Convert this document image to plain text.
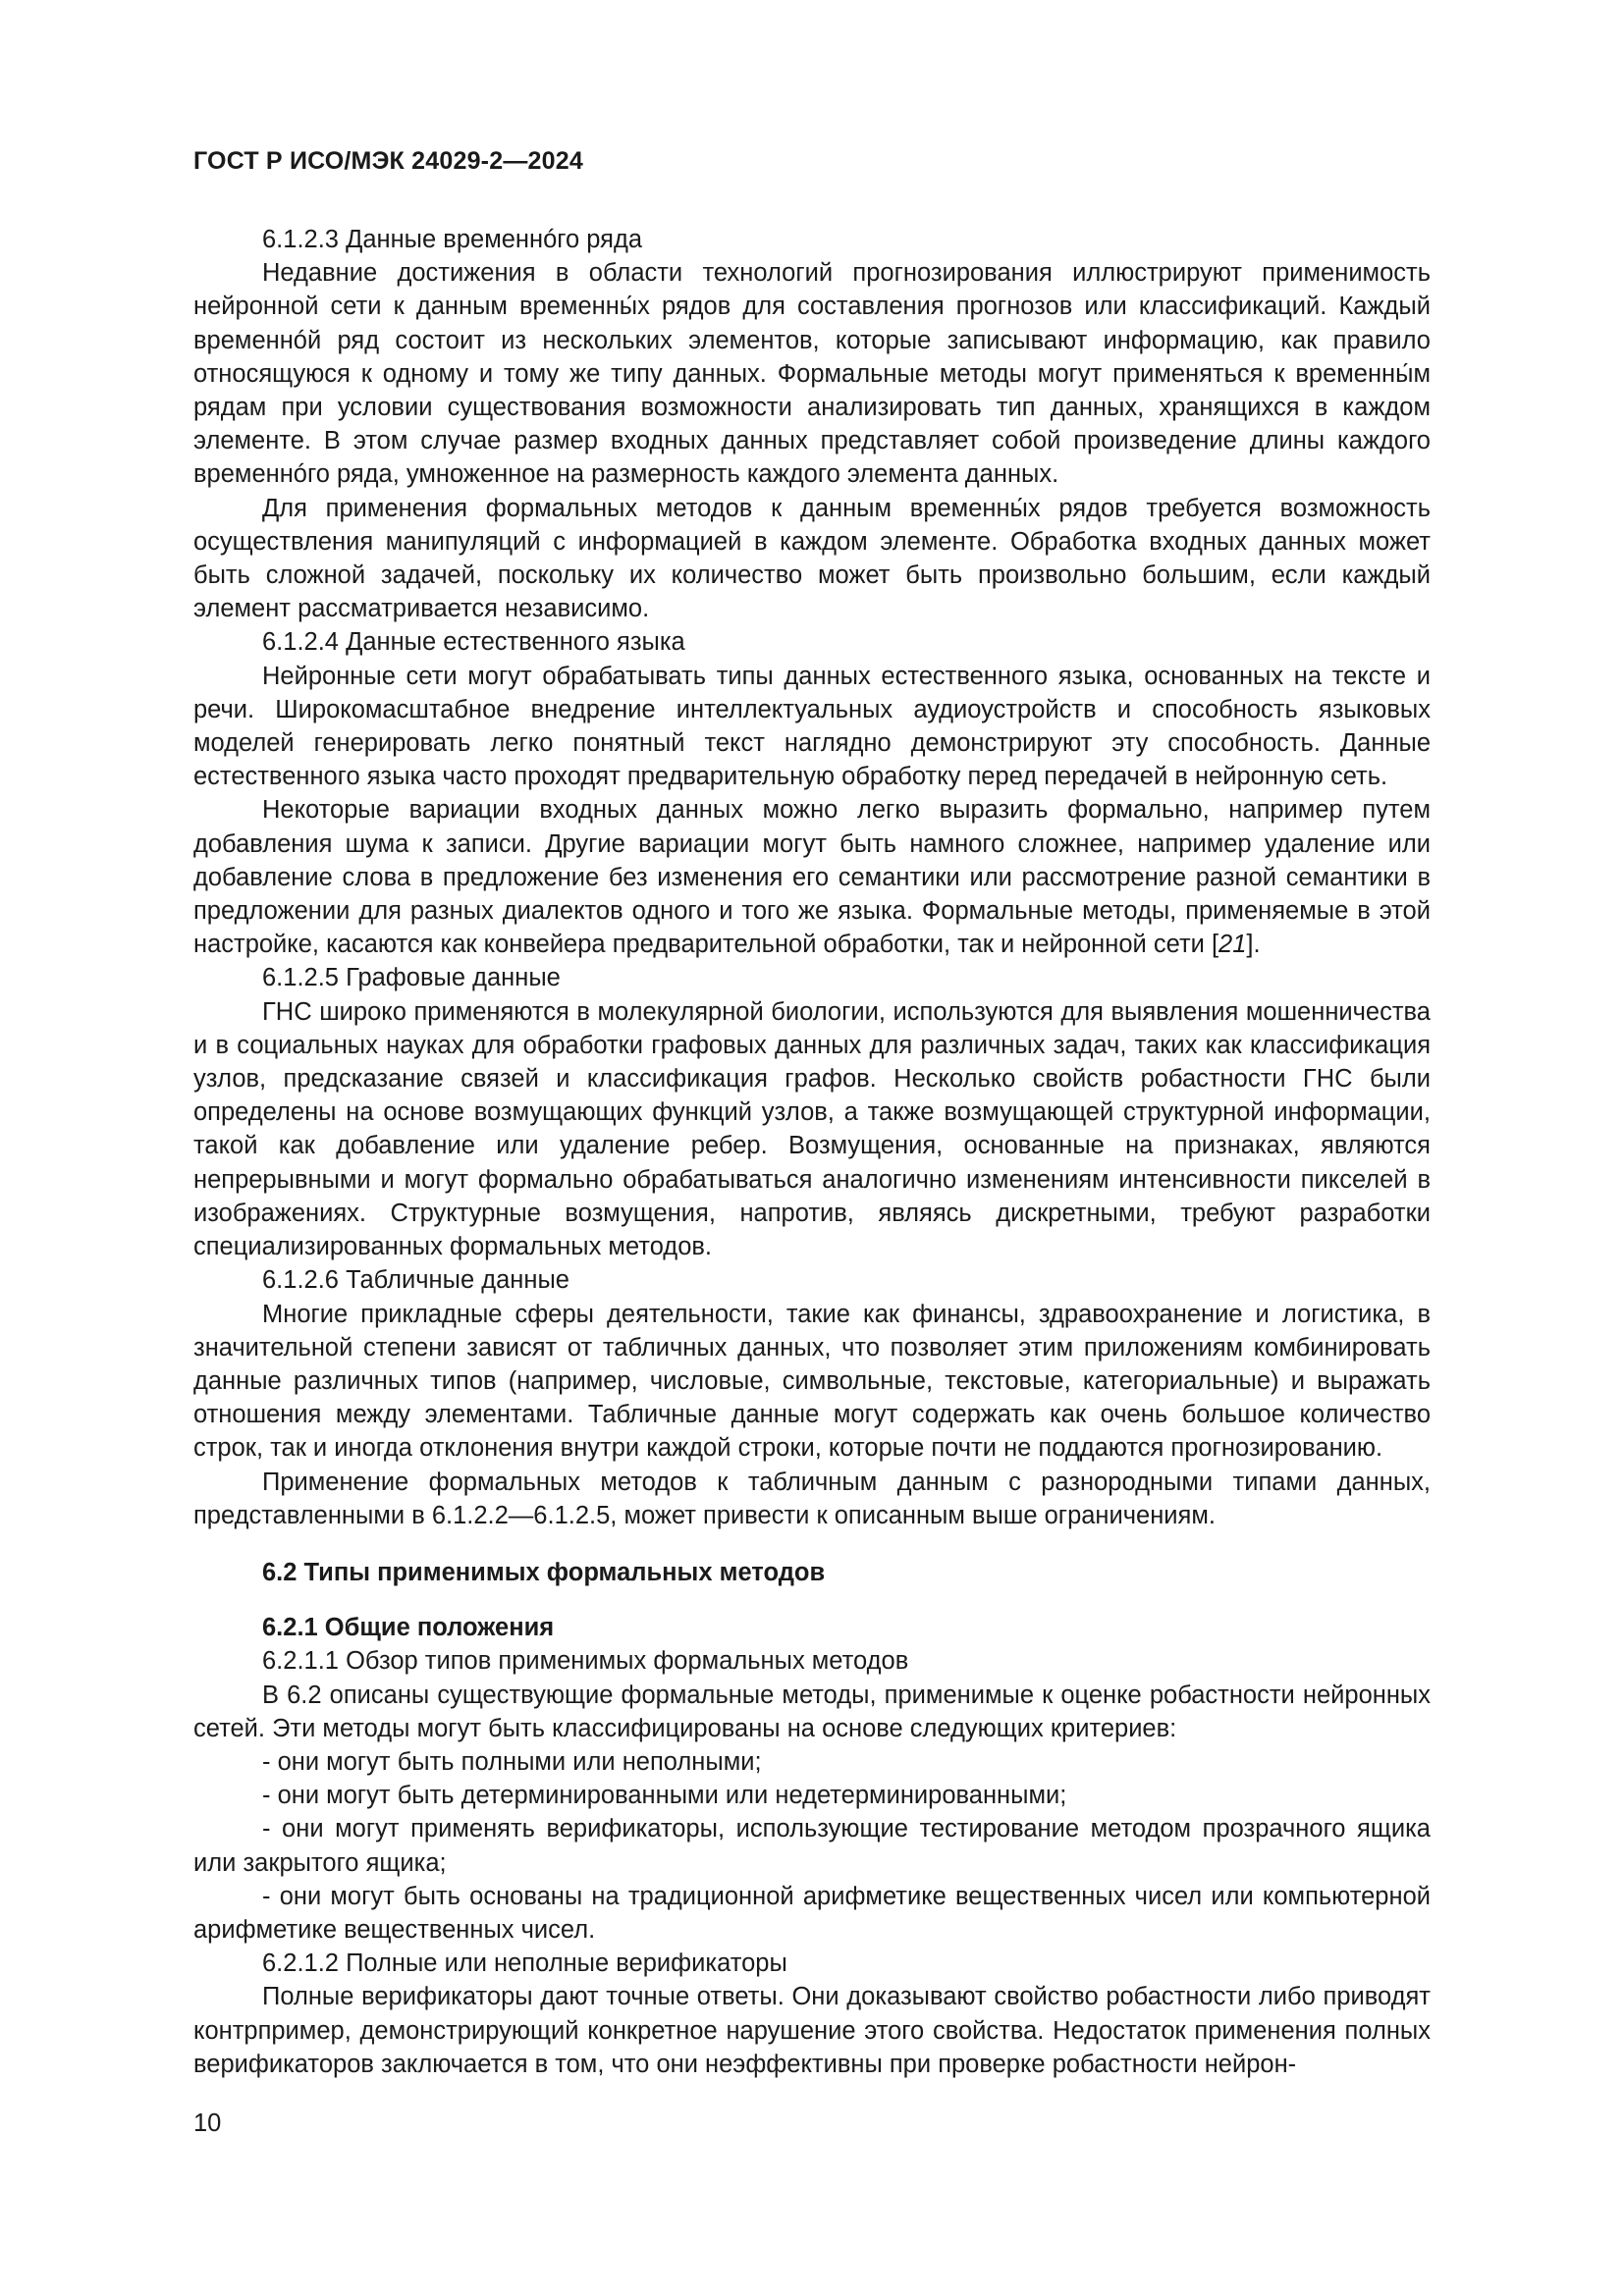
ГОСТ Р ИСО/МЭК 24029-2—2024

6.1.2.3 Данные временнóго ряда

Недавние достижения в области технологий прогнозирования иллюстрируют применимость нейронной сети к данным временны́х рядов для составления прогнозов или классификаций. Каждый временнóй ряд состоит из нескольких элементов, которые записывают информацию, как правило относящуюся к одному и тому же типу данных. Формальные методы могут применяться к временны́м рядам при условии существования возможности анализировать тип данных, хранящихся в каждом элементе. В этом случае размер входных данных представляет собой произведение длины каждого временнóго ряда, умноженное на размерность каждого элемента данных.

Для применения формальных методов к данным временны́х рядов требуется возможность осуществления манипуляций с информацией в каждом элементе. Обработка входных данных может быть сложной задачей, поскольку их количество может быть произвольно большим, если каждый элемент рассматривается независимо.

6.1.2.4 Данные естественного языка

Нейронные сети могут обрабатывать типы данных естественного языка, основанных на тексте и речи. Широкомасштабное внедрение интеллектуальных аудиоустройств и способность языковых моделей генерировать легко понятный текст наглядно демонстрируют эту способность. Данные естественного языка часто проходят предварительную обработку перед передачей в нейронную сеть.

Некоторые вариации входных данных можно легко выразить формально, например путем добавления шума к записи. Другие вариации могут быть намного сложнее, например удаление или добавление слова в предложение без изменения его семантики или рассмотрение разной семантики в предложении для разных диалектов одного и того же языка. Формальные методы, применяемые в этой настройке, касаются как конвейера предварительной обработки, так и нейронной сети [21].

6.1.2.5 Графовые данные

ГНС широко применяются в молекулярной биологии, используются для выявления мошенничества и в социальных науках для обработки графовых данных для различных задач, таких как классификация узлов, предсказание связей и классификация графов. Несколько свойств робастности ГНС были определены на основе возмущающих функций узлов, а также возмущающей структурной информации, такой как добавление или удаление ребер. Возмущения, основанные на признаках, являются непрерывными и могут формально обрабатываться аналогично изменениям интенсивности пикселей в изображениях. Структурные возмущения, напротив, являясь дискретными, требуют разработки специализированных формальных методов.

6.1.2.6 Табличные данные

Многие прикладные сферы деятельности, такие как финансы, здравоохранение и логистика, в значительной степени зависят от табличных данных, что позволяет этим приложениям комбинировать данные различных типов (например, числовые, символьные, текстовые, категориальные) и выражать отношения между элементами. Табличные данные могут содержать как очень большое количество строк, так и иногда отклонения внутри каждой строки, которые почти не поддаются прогнозированию.

Применение формальных методов к табличным данным с разнородными типами данных, представленными в 6.1.2.2—6.1.2.5, может привести к описанным выше ограничениям.

6.2 Типы применимых формальных методов

6.2.1 Общие положения

6.2.1.1 Обзор типов применимых формальных методов

В 6.2 описаны существующие формальные методы, применимые к оценке робастности нейронных сетей. Эти методы могут быть классифицированы на основе следующих критериев:

- они могут быть полными или неполными;

- они могут быть детерминированными или недетерминированными;

- они могут применять верификаторы, использующие тестирование методом прозрачного ящика или закрытого ящика;

- они могут быть основаны на традиционной арифметике вещественных чисел или компьютерной арифметике вещественных чисел.

6.2.1.2 Полные или неполные верификаторы

Полные верификаторы дают точные ответы. Они доказывают свойство робастности либо приводят контрпример, демонстрирующий конкретное нарушение этого свойства. Недостаток применения полных верификаторов заключается в том, что они неэффективны при проверке робастности нейрон-

10
